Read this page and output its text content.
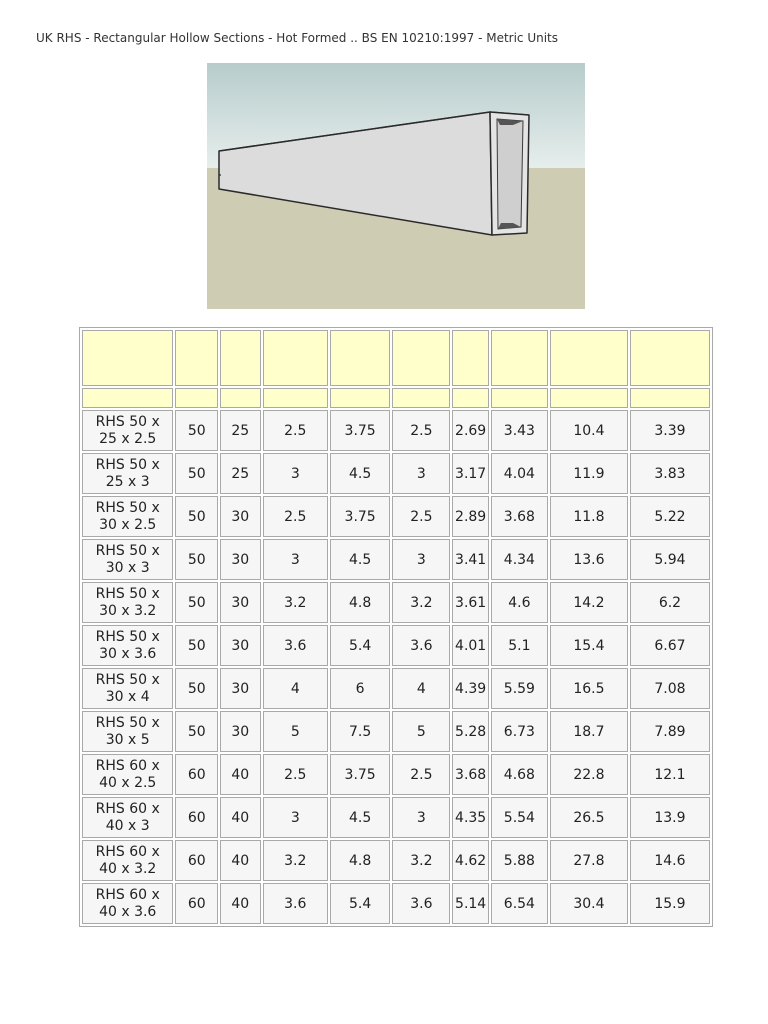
UK RHS - Rectangular Hollow Sections - Hot Formed .. BS EN 10210:1997 - Metric Units

RHS 50 x 25 x 2.5	50	25	2.5	3.75	2.5	2.69	3.43	10.4	3.39
RHS 50 x 25 x 3	50	25	3	4.5	3	3.17	4.04	11.9	3.83
RHS 50 x 30 x 2.5	50	30	2.5	3.75	2.5	2.89	3.68	11.8	5.22
RHS 50 x 30 x 3	50	30	3	4.5	3	3.41	4.34	13.6	5.94
RHS 50 x 30 x 3.2	50	30	3.2	4.8	3.2	3.61	4.6	14.2	6.2
RHS 50 x 30 x 3.6	50	30	3.6	5.4	3.6	4.01	5.1	15.4	6.67
RHS 50 x 30 x 4	50	30	4	6	4	4.39	5.59	16.5	7.08
RHS 50 x 30 x 5	50	30	5	7.5	5	5.28	6.73	18.7	7.89
RHS 60 x 40 x 2.5	60	40	2.5	3.75	2.5	3.68	4.68	22.8	12.1
RHS 60 x 40 x 3	60	40	3	4.5	3	4.35	5.54	26.5	13.9
RHS 60 x 40 x 3.2	60	40	3.2	4.8	3.2	4.62	5.88	27.8	14.6
RHS 60 x 40 x 3.6	60	40	3.6	5.4	3.6	5.14	6.54	30.4	15.9
